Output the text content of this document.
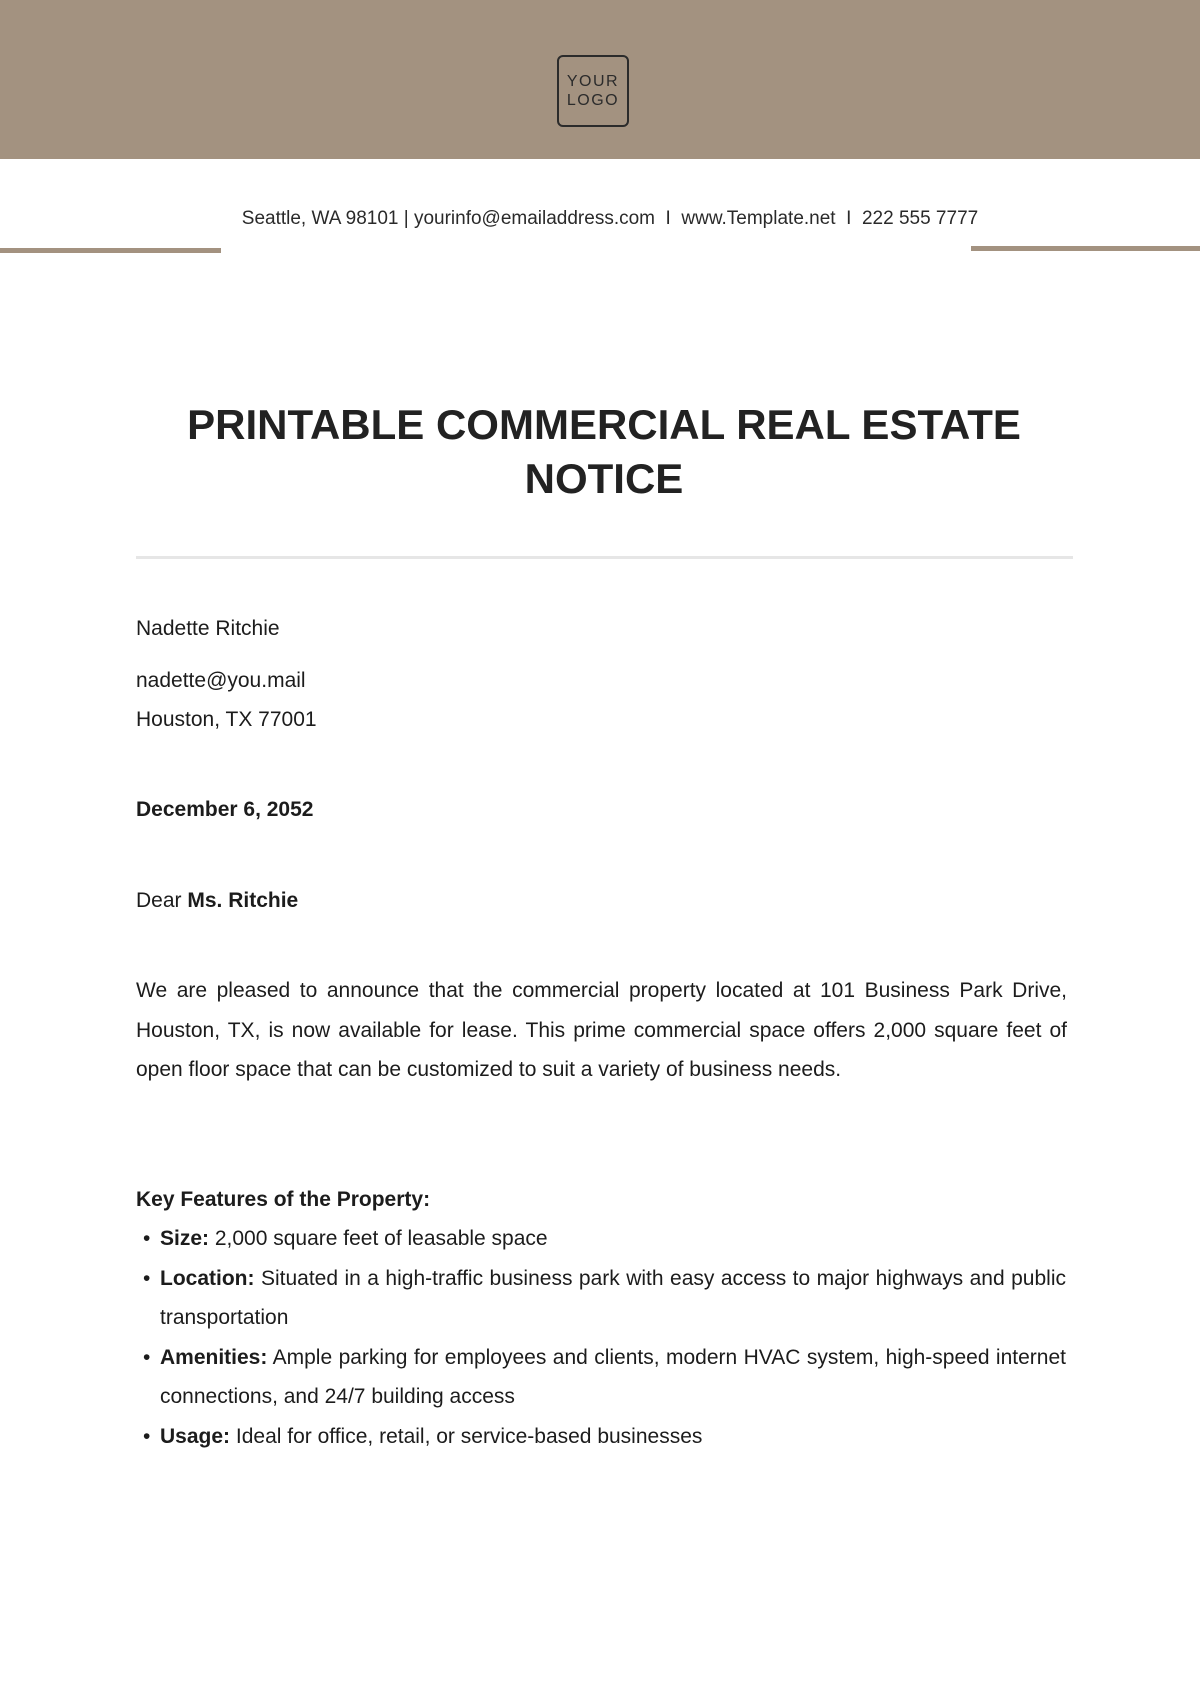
YOUR
LOGO
Seattle, WA 98101 | yourinfo@emailaddress.com  I  www.Template.net  I  222 555 7777
PRINTABLE COMMERCIAL REAL ESTATE NOTICE
Nadette Ritchie
nadette@you.mail
Houston, TX 77001
December 6, 2052
Dear Ms. Ritchie
We are pleased to announce that the commercial property located at 101 Business Park Drive, Houston, TX, is now available for lease. This prime commercial space offers 2,000 square feet of open floor space that can be customized to suit a variety of business needs.
Key Features of the Property:
• Size: 2,000 square feet of leasable space
• Location: Situated in a high-traffic business park with easy access to major highways and public transportation
• Amenities: Ample parking for employees and clients, modern HVAC system, high-speed internet connections, and 24/7 building access
• Usage: Ideal for office, retail, or service-based businesses
